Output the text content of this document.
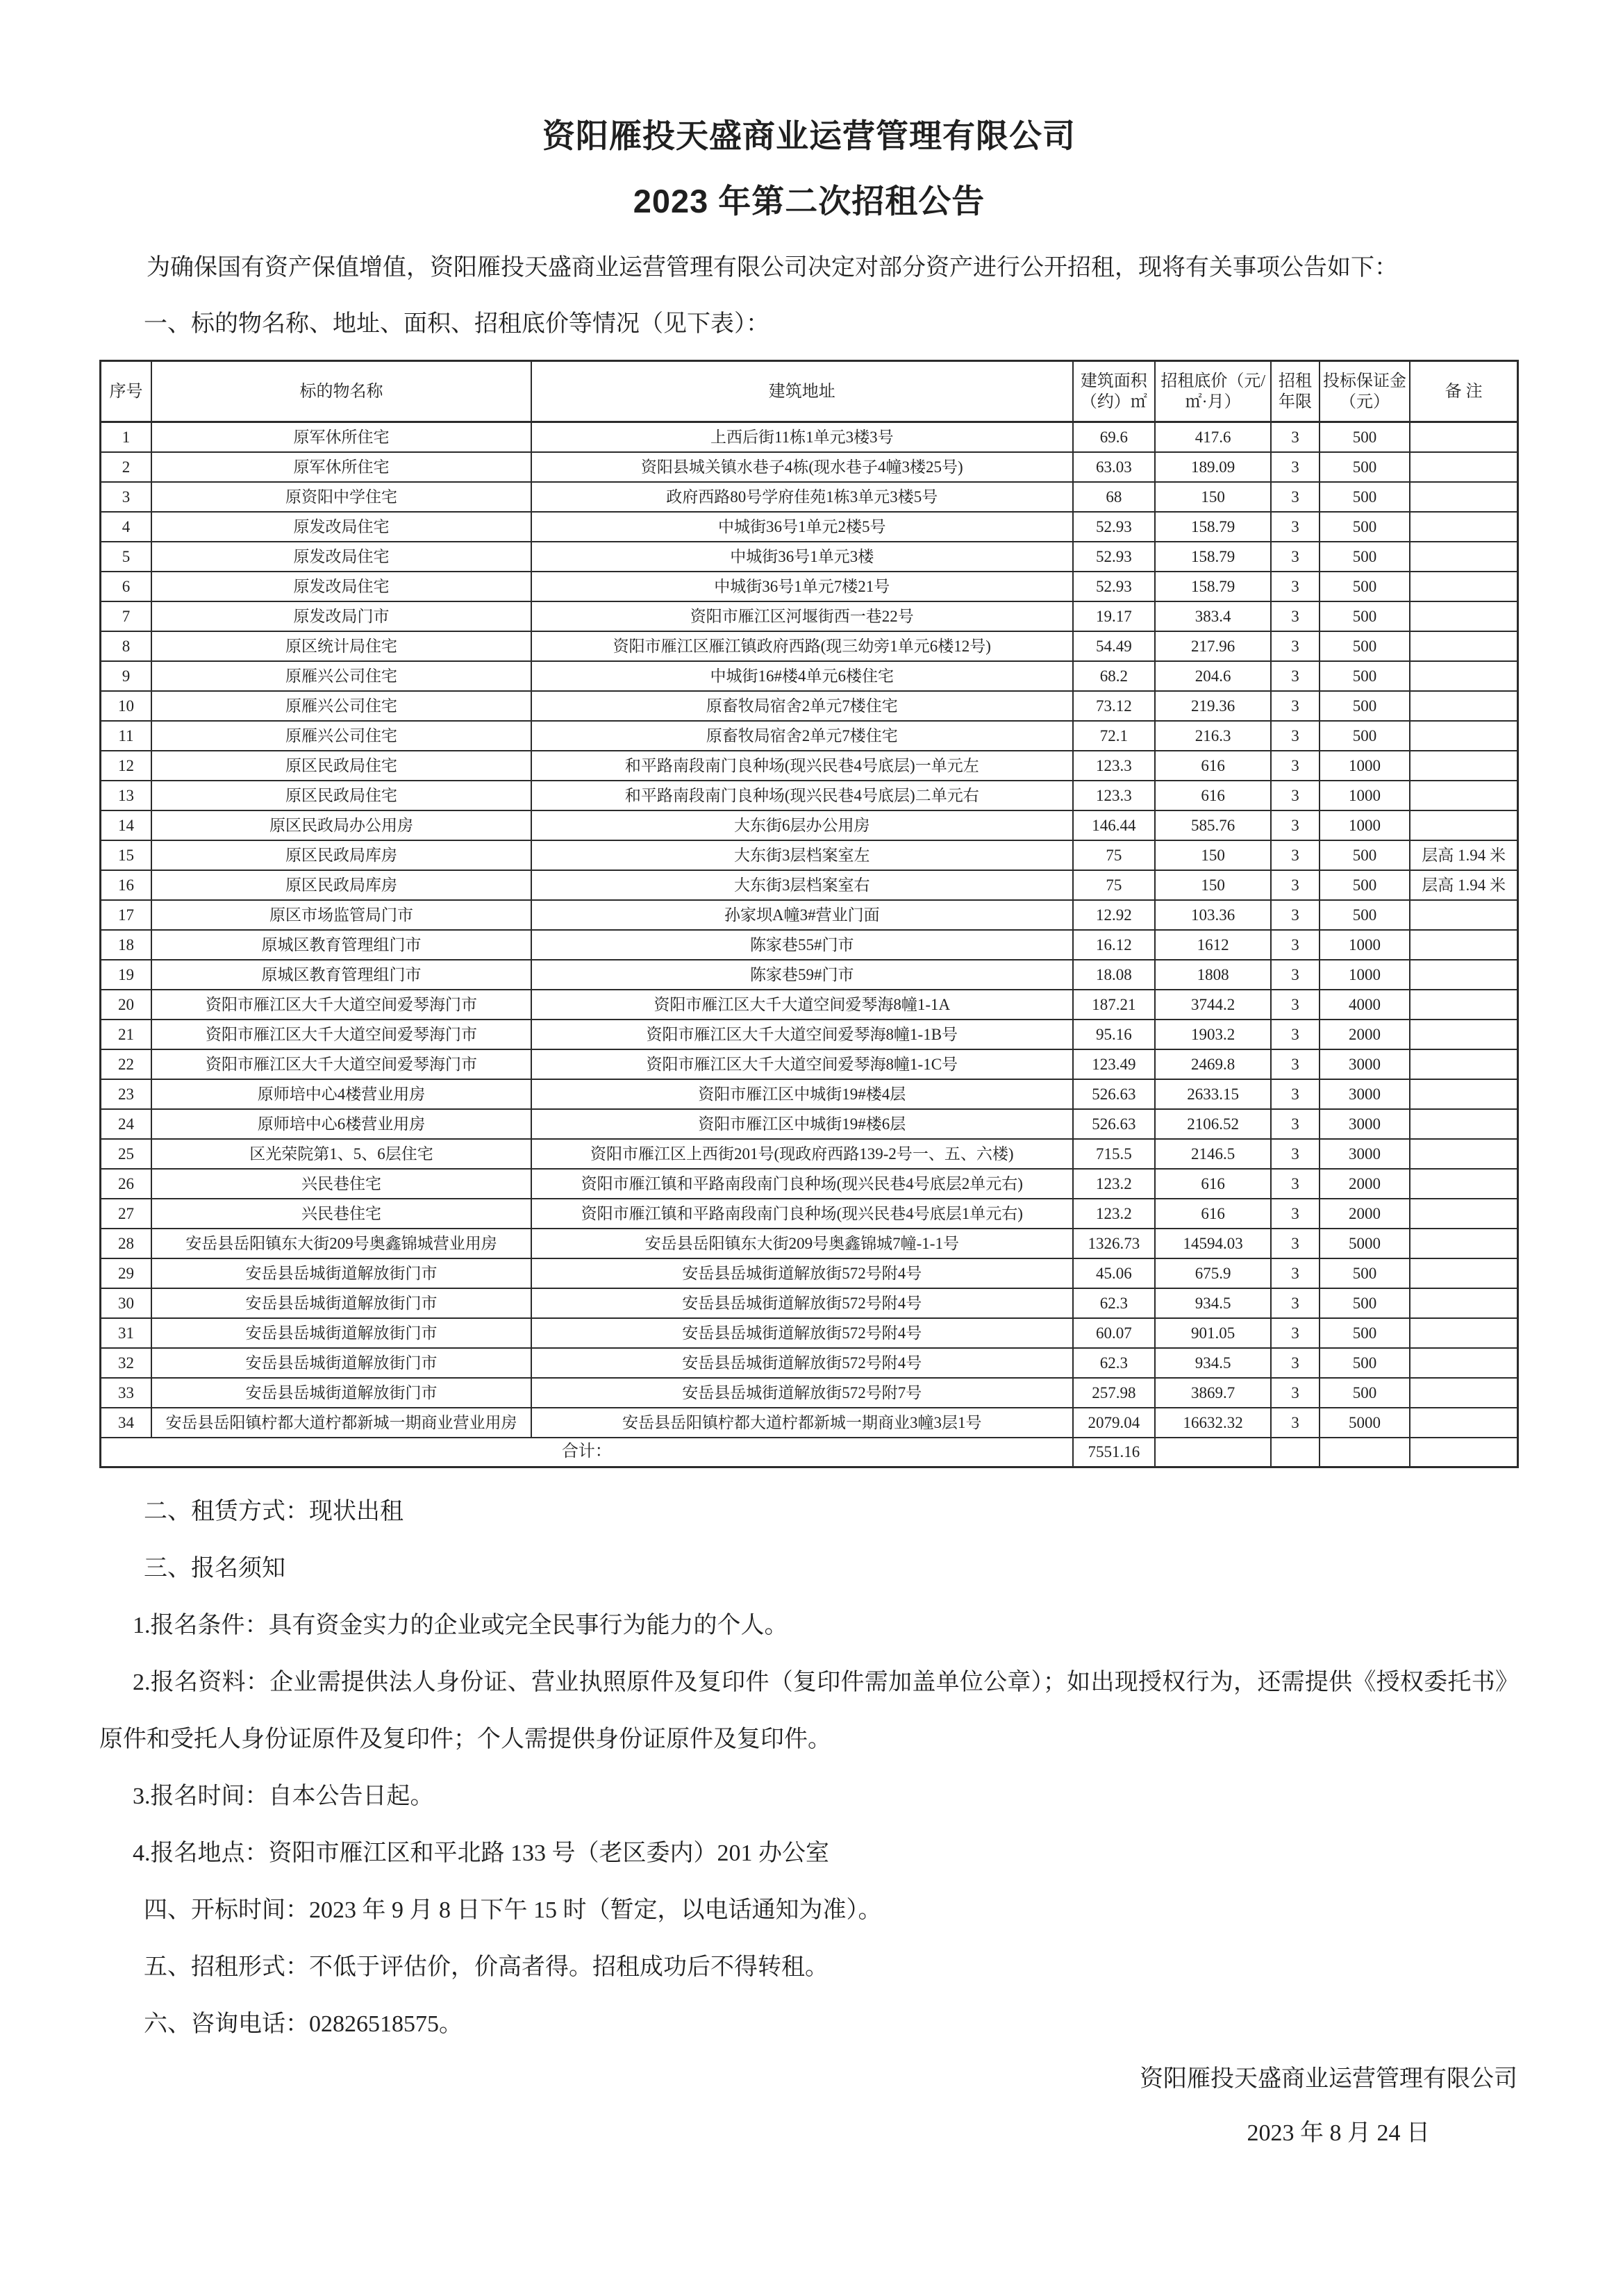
资阳雁投天盛商业运营管理有限公司
2023 年第二次招租公告

为确保国有资产保值增值，资阳雁投天盛商业运营管理有限公司决定对部分资产进行公开招租，现将有关事项公告如下：

一、标的物名称、地址、面积、招租底价等情况（见下表）：

序号	标的物名称	建筑地址	建筑面积（约）㎡	招租底价（元/㎡·月）	招租年限	投标保证金（元）	备 注
1	原军休所住宅	上西后街11栋1单元3楼3号	69.6	417.6	3	500	
2	原军休所住宅	资阳县城关镇水巷子4栋(现水巷子4幢3楼25号)	63.03	189.09	3	500	
3	原资阳中学住宅	政府西路80号学府佳苑1栋3单元3楼5号	68	150	3	500	
4	原发改局住宅	中城街36号1单元2楼5号	52.93	158.79	3	500	
5	原发改局住宅	中城街36号1单元3楼	52.93	158.79	3	500	
6	原发改局住宅	中城街36号1单元7楼21号	52.93	158.79	3	500	
7	原发改局门市	资阳市雁江区河堰街西一巷22号	19.17	383.4	3	500	
8	原区统计局住宅	资阳市雁江区雁江镇政府西路(现三幼旁1单元6楼12号)	54.49	217.96	3	500	
9	原雁兴公司住宅	中城街16#楼4单元6楼住宅	68.2	204.6	3	500	
10	原雁兴公司住宅	原畜牧局宿舍2单元7楼住宅	73.12	219.36	3	500	
11	原雁兴公司住宅	原畜牧局宿舍2单元7楼住宅	72.1	216.3	3	500	
12	原区民政局住宅	和平路南段南门良种场(现兴民巷4号底层)一单元左	123.3	616	3	1000	
13	原区民政局住宅	和平路南段南门良种场(现兴民巷4号底层)二单元右	123.3	616	3	1000	
14	原区民政局办公用房	大东街6层办公用房	146.44	585.76	3	1000	
15	原区民政局库房	大东街3层档案室左	75	150	3	500	层高 1.94 米
16	原区民政局库房	大东街3层档案室右	75	150	3	500	层高 1.94 米
17	原区市场监管局门市	孙家坝A幢3#营业门面	12.92	103.36	3	500	
18	原城区教育管理组门市	陈家巷55#门市	16.12	1612	3	1000	
19	原城区教育管理组门市	陈家巷59#门市	18.08	1808	3	1000	
20	资阳市雁江区大千大道空间爱琴海门市	资阳市雁江区大千大道空间爱琴海8幢1-1A	187.21	3744.2	3	4000	
21	资阳市雁江区大千大道空间爱琴海门市	资阳市雁江区大千大道空间爱琴海8幢1-1B号	95.16	1903.2	3	2000	
22	资阳市雁江区大千大道空间爱琴海门市	资阳市雁江区大千大道空间爱琴海8幢1-1C号	123.49	2469.8	3	3000	
23	原师培中心4楼营业用房	资阳市雁江区中城街19#楼4层	526.63	2633.15	3	3000	
24	原师培中心6楼营业用房	资阳市雁江区中城街19#楼6层	526.63	2106.52	3	3000	
25	区光荣院第1、5、6层住宅	资阳市雁江区上西街201号(现政府西路139-2号一、五、六楼)	715.5	2146.5	3	3000	
26	兴民巷住宅	资阳市雁江镇和平路南段南门良种场(现兴民巷4号底层2单元右)	123.2	616	3	2000	
27	兴民巷住宅	资阳市雁江镇和平路南段南门良种场(现兴民巷4号底层1单元右)	123.2	616	3	2000	
28	安岳县岳阳镇东大街209号奥鑫锦城营业用房	安岳县岳阳镇东大街209号奥鑫锦城7幢-1-1号	1326.73	14594.03	3	5000	
29	安岳县岳城街道解放街门市	安岳县岳城街道解放街572号附4号	45.06	675.9	3	500	
30	安岳县岳城街道解放街门市	安岳县岳城街道解放街572号附4号	62.3	934.5	3	500	
31	安岳县岳城街道解放街门市	安岳县岳城街道解放街572号附4号	60.07	901.05	3	500	
32	安岳县岳城街道解放街门市	安岳县岳城街道解放街572号附4号	62.3	934.5	3	500	
33	安岳县岳城街道解放街门市	安岳县岳城街道解放街572号附7号	257.98	3869.7	3	500	
34	安岳县岳阳镇柠都大道柠都新城一期商业营业用房	安岳县岳阳镇柠都大道柠都新城一期商业3幢3层1号	2079.04	16632.32	3	5000	
合计：			7551.16				

二、租赁方式：现状出租

三、报名须知

1.报名条件：具有资金实力的企业或完全民事行为能力的个人。

2.报名资料：企业需提供法人身份证、营业执照原件及复印件（复印件需加盖单位公章）；如出现授权行为，还需提供《授权委托书》原件和受托人身份证原件及复印件；个人需提供身份证原件及复印件。

3.报名时间：自本公告日起。

4.报名地点：资阳市雁江区和平北路 133 号（老区委内）201 办公室

四、开标时间：2023 年 9 月 8 日下午 15 时（暂定，以电话通知为准）。

五、招租形式：不低于评估价，价高者得。招租成功后不得转租。

六、咨询电话：02826518575。

资阳雁投天盛商业运营管理有限公司

2023 年 8 月 24 日
